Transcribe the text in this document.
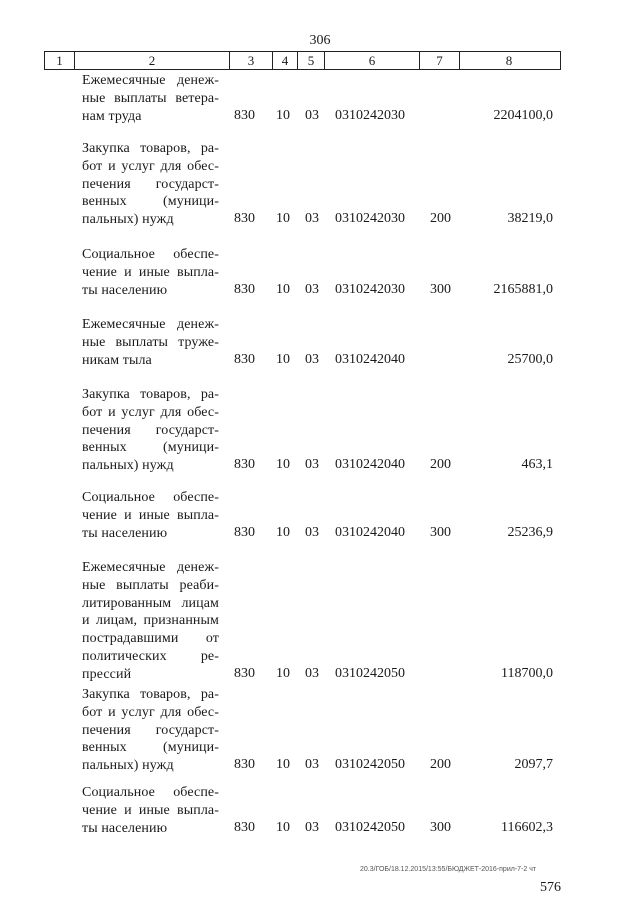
306
1	2	3	4	5	6	7	8
Ежемесячные денеж-
ные выплаты ветера-
нам труда	830 10 03 0310242030	2204100,0
Закупка товаров, ра-
бот и услуг для обес-
печения государст-
венных (муници-
пальных) нужд	830 10 03 0310242030 200	38219,0
Социальное обеспе-
чение и иные выпла-
ты населению	830 10 03 0310242030 300	2165881,0
Ежемесячные денеж-
ные выплаты труже-
никам тыла	830 10 03 0310242040	25700,0
Закупка товаров, ра-
бот и услуг для обес-
печения государст-
венных (муници-
пальных) нужд	830 10 03 0310242040 200	463,1
Социальное обеспе-
чение и иные выпла-
ты населению	830 10 03 0310242040 300	25236,9
Ежемесячные денеж-
ные выплаты реаби-
литированным лицам
и лицам, признанным
пострадавшими от
политических ре-
прессий	830 10 03 0310242050	118700,0
Закупка товаров, ра-
бот и услуг для обес-
печения государст-
венных (муници-
пальных) нужд	830 10 03 0310242050 200	2097,7
Социальное обеспе-
чение и иные выпла-
ты населению	830 10 03 0310242050 300	116602,3
20.3/ГОБ/18.12.2015/13:55/БЮДЖЕТ-2016-прил-7-2 чт
576
